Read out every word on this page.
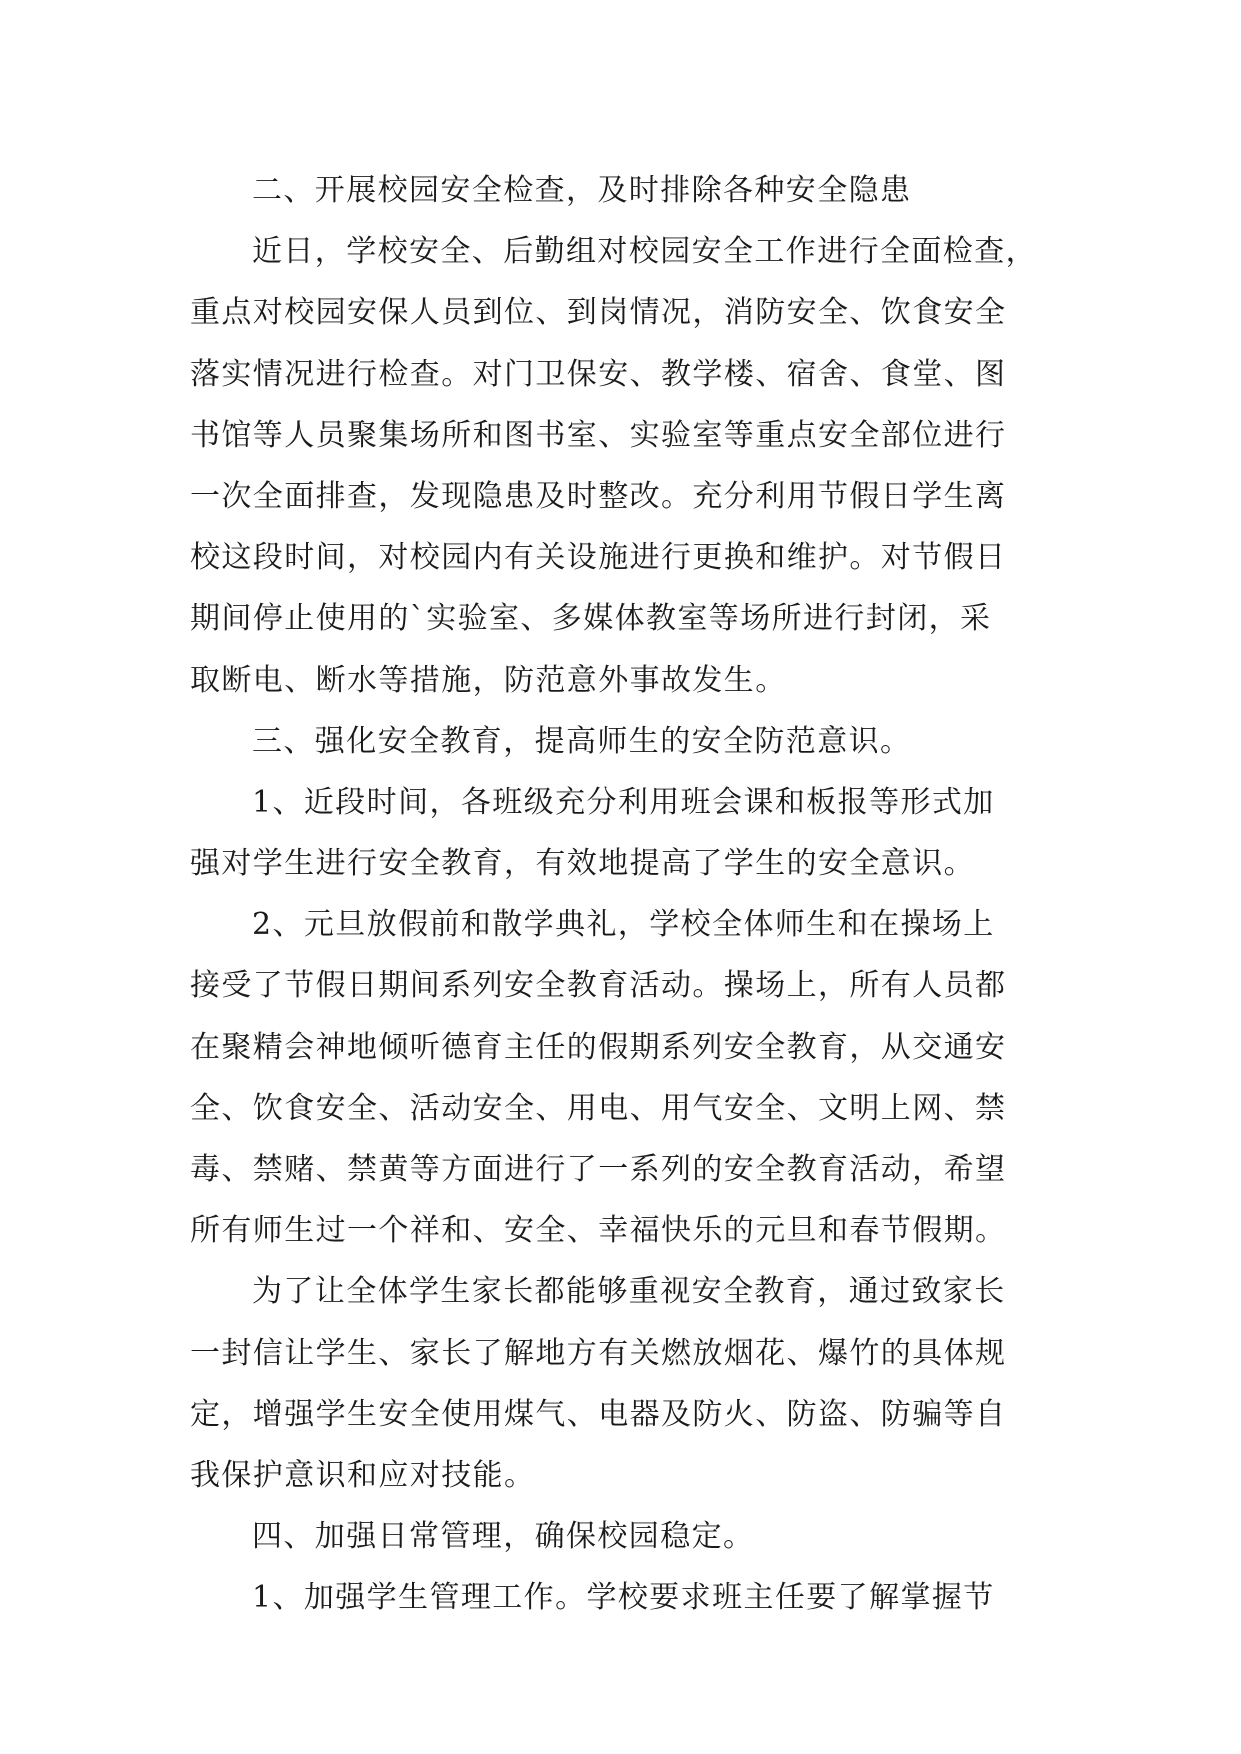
二、开展校园安全检查，及时排除各种安全隐患
近日，学校安全、后勤组对校园安全工作进行全面检查，
重点对校园安保人员到位、到岗情况，消防安全、饮食安全
落实情况进行检查。对门卫保安、教学楼、宿舍、食堂、图
书馆等人员聚集场所和图书室、实验室等重点安全部位进行
一次全面排查，发现隐患及时整改。充分利用节假日学生离
校这段时间，对校园内有关设施进行更换和维护。对节假日
期间停止使用的`实验室、多媒体教室等场所进行封闭，采
取断电、断水等措施，防范意外事故发生。
三、强化安全教育，提高师生的安全防范意识。
1、近段时间，各班级充分利用班会课和板报等形式加
强对学生进行安全教育，有效地提高了学生的安全意识。
2、元旦放假前和散学典礼，学校全体师生和在操场上
接受了节假日期间系列安全教育活动。操场上，所有人员都
在聚精会神地倾听德育主任的假期系列安全教育，从交通安
全、饮食安全、活动安全、用电、用气安全、文明上网、禁
毒、禁赌、禁黄等方面进行了一系列的安全教育活动，希望
所有师生过一个祥和、安全、幸福快乐的元旦和春节假期。
为了让全体学生家长都能够重视安全教育，通过致家长
一封信让学生、家长了解地方有关燃放烟花、爆竹的具体规
定，增强学生安全使用煤气、电器及防火、防盗、防骗等自
我保护意识和应对技能。
四、加强日常管理，确保校园稳定。
1、加强学生管理工作。学校要求班主任要了解掌握节
